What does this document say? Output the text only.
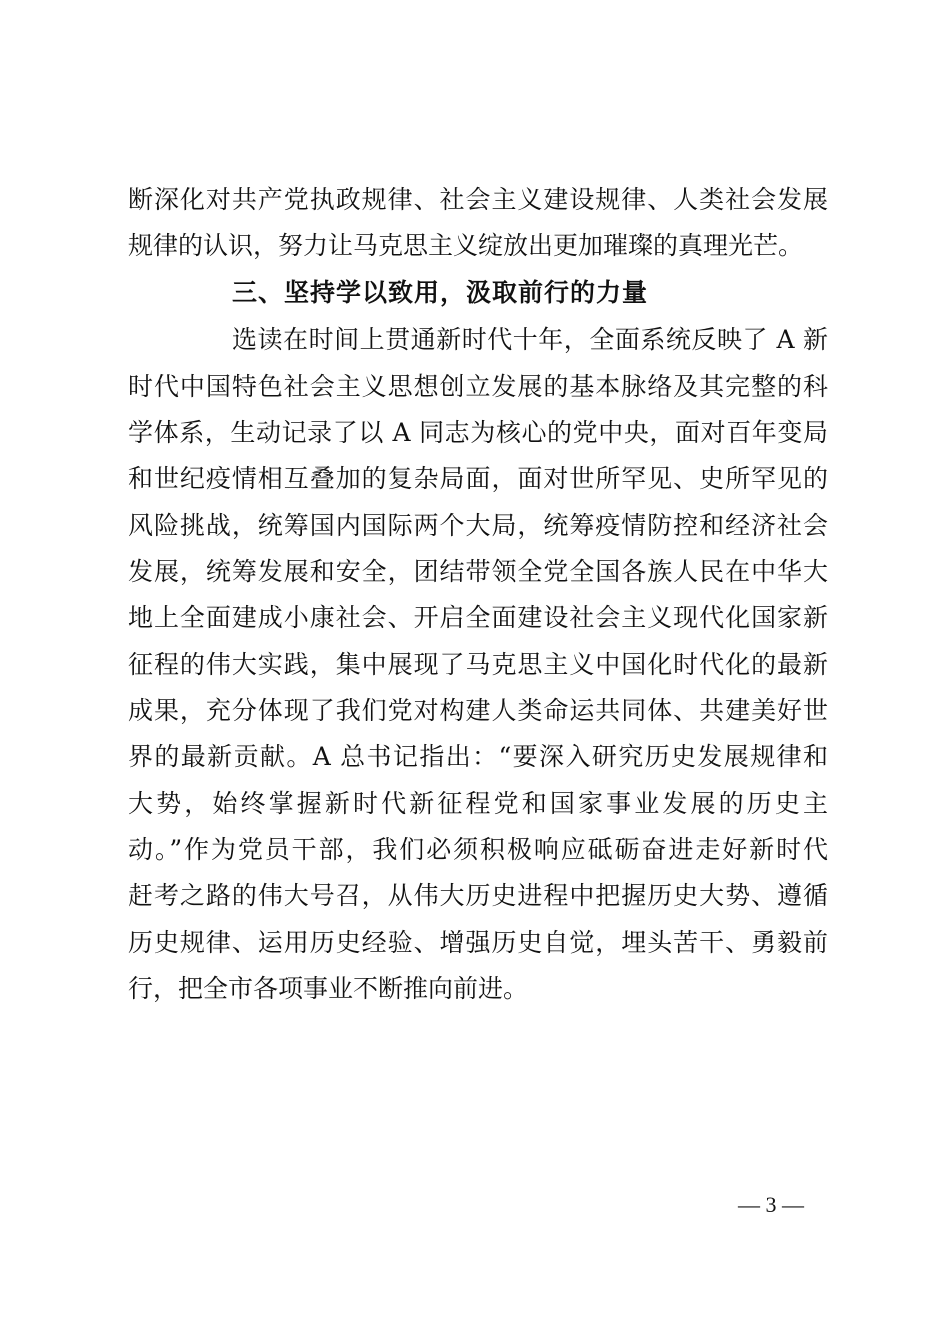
断深化对共产党执政规律、社会主义建设规律、人类社会发展
规律的认识，努力让马克思主义绽放出更加璀璨的真理光芒。
三、坚持学以致用，汲取前行的力量
选读在时间上贯通新时代十年，全面系统反映了 A 新
时代中国特色社会主义思想创立发展的基本脉络及其完整的科
学体系，生动记录了以 A 同志为核心的党中央，面对百年变局
和世纪疫情相互叠加的复杂局面，面对世所罕见、史所罕见的
风险挑战，统筹国内国际两个大局，统筹疫情防控和经济社会
发展，统筹发展和安全，团结带领全党全国各族人民在中华大
地上全面建成小康社会、开启全面建设社会主义现代化国家新
征程的伟大实践，集中展现了马克思主义中国化时代化的最新
成果，充分体现了我们党对构建人类命运共同体、共建美好世
界的最新贡献。A 总书记指出：“要深入研究历史发展规律和
大势，始终掌握新时代新征程党和国家事业发展的历史主
动。”作为党员干部，我们必须积极响应砥砺奋进走好新时代
赶考之路的伟大号召，从伟大历史进程中把握历史大势、遵循
历史规律、运用历史经验、增强历史自觉，埋头苦干、勇毅前
行，把全市各项事业不断推向前进。
— 3 —
